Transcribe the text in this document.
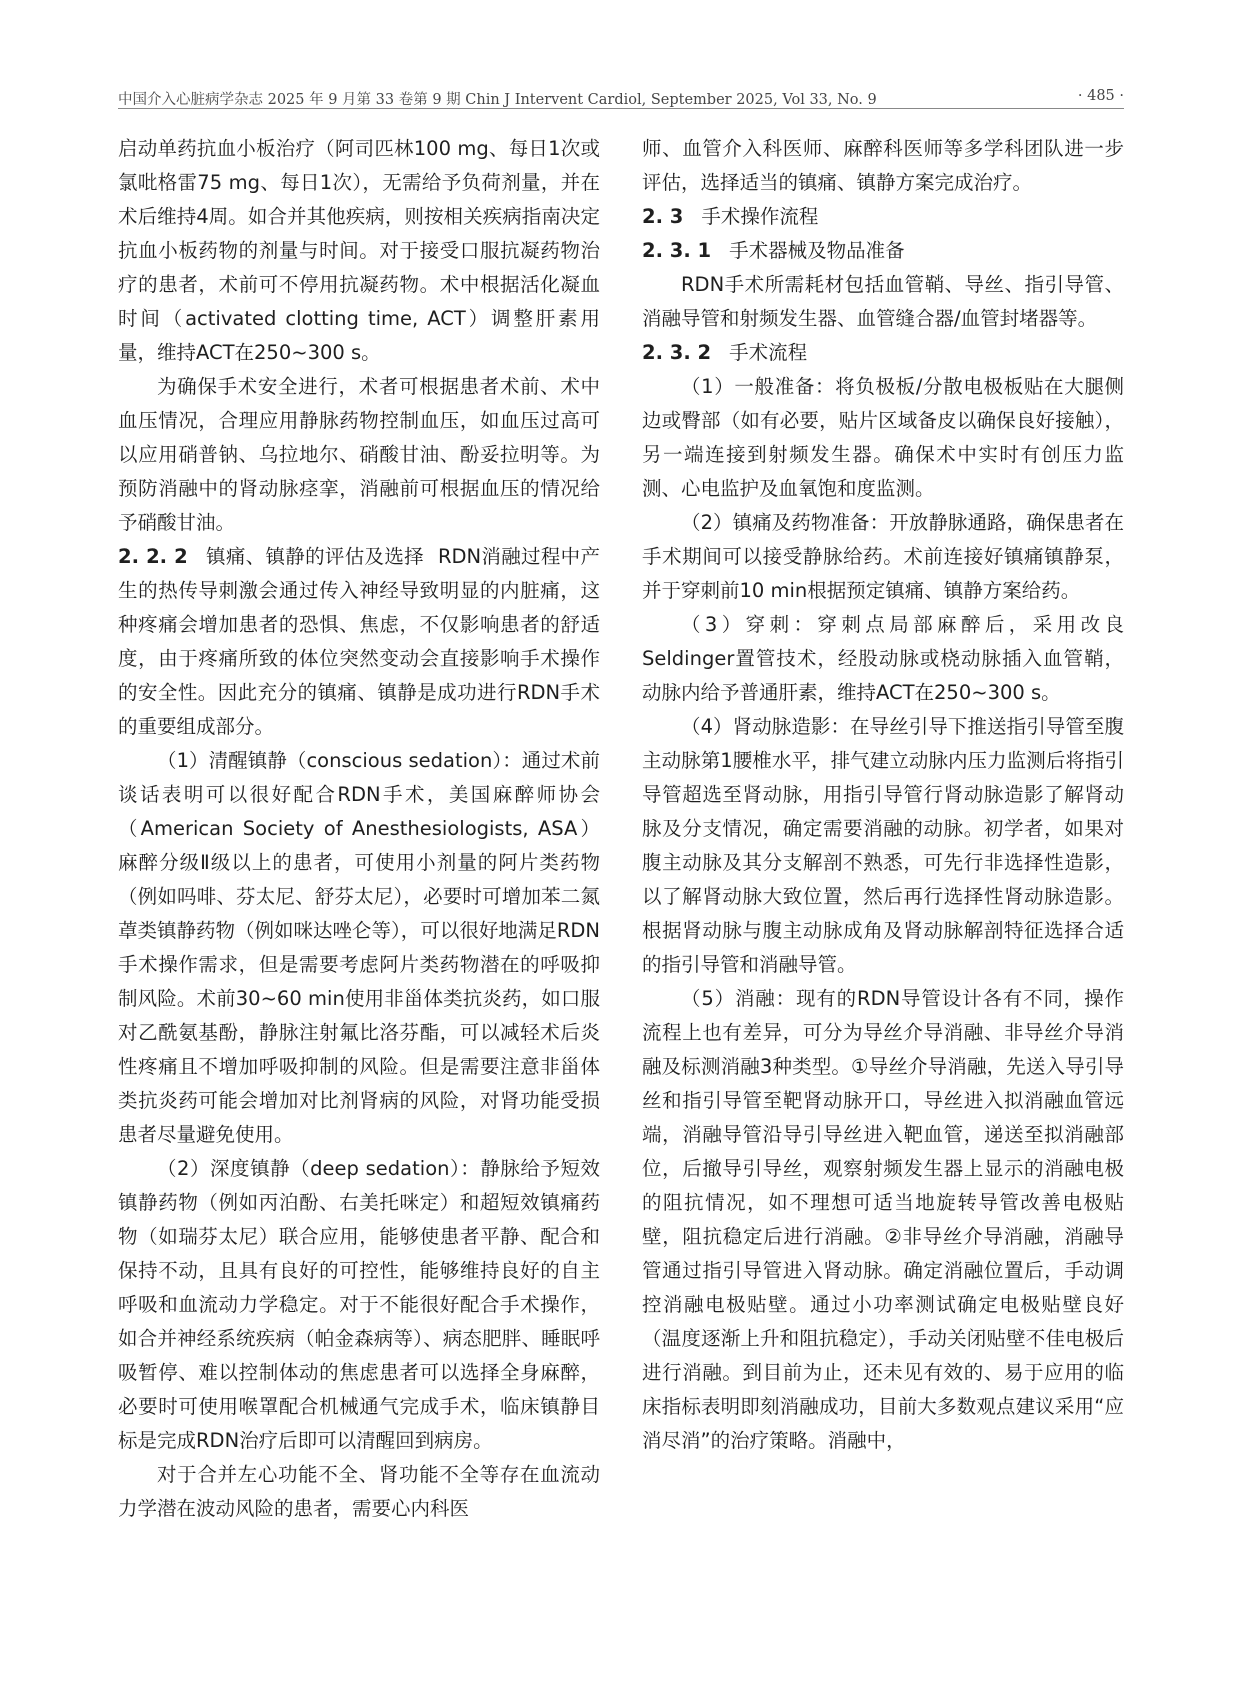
中国介入心脏病学杂志 2025 年 9 月第 33 卷第 9 期 Chin J Intervent Cardiol, September 2025, Vol 33, No. 9	· 485 ·

启动单药抗血小板治疗（阿司匹林100 mg、每日1次或氯吡格雷75 mg、每日1次），无需给予负荷剂量，并在术后维持4周。如合并其他疾病，则按相关疾病指南决定抗血小板药物的剂量与时间。对于接受口服抗凝药物治疗的患者，术前可不停用抗凝药物。术中根据活化凝血时间（activated clotting time, ACT）调整肝素用量，维持ACT在250~300 s。

为确保手术安全进行，术者可根据患者术前、术中血压情况，合理应用静脉药物控制血压，如血压过高可以应用硝普钠、乌拉地尔、硝酸甘油、酚妥拉明等。为预防消融中的肾动脉痉挛，消融前可根据血压的情况给予硝酸甘油。

2. 2. 2 镇痛、镇静的评估及选择 RDN消融过程中产生的热传导刺激会通过传入神经导致明显的内脏痛，这种疼痛会增加患者的恐惧、焦虑，不仅影响患者的舒适度，由于疼痛所致的体位突然变动会直接影响手术操作的安全性。因此充分的镇痛、镇静是成功进行RDN手术的重要组成部分。

（1）清醒镇静（conscious sedation）：通过术前谈话表明可以很好配合RDN手术，美国麻醉师协会（American Society of Anesthesiologists, ASA）麻醉分级Ⅱ级以上的患者，可使用小剂量的阿片类药物（例如吗啡、芬太尼、舒芬太尼），必要时可增加苯二氮䓬类镇静药物（例如咪达唑仑等），可以很好地满足RDN手术操作需求，但是需要考虑阿片类药物潜在的呼吸抑制风险。术前30~60 min使用非甾体类抗炎药，如口服对乙酰氨基酚，静脉注射氟比洛芬酯，可以减轻术后炎性疼痛且不增加呼吸抑制的风险。但是需要注意非甾体类抗炎药可能会增加对比剂肾病的风险，对肾功能受损患者尽量避免使用。

（2）深度镇静（deep sedation）：静脉给予短效镇静药物（例如丙泊酚、右美托咪定）和超短效镇痛药物（如瑞芬太尼）联合应用，能够使患者平静、配合和保持不动，且具有良好的可控性，能够维持良好的自主呼吸和血流动力学稳定。对于不能很好配合手术操作，如合并神经系统疾病（帕金森病等）、病态肥胖、睡眠呼吸暂停、难以控制体动的焦虑患者可以选择全身麻醉，必要时可使用喉罩配合机械通气完成手术，临床镇静目标是完成RDN治疗后即可以清醒回到病房。

对于合并左心功能不全、肾功能不全等存在血流动力学潜在波动风险的患者，需要心内科医

师、血管介入科医师、麻醉科医师等多学科团队进一步评估，选择适当的镇痛、镇静方案完成治疗。

2. 3 手术操作流程
2. 3. 1 手术器械及物品准备

RDN手术所需耗材包括血管鞘、导丝、指引导管、消融导管和射频发生器、血管缝合器/血管封堵器等。

2. 3. 2 手术流程

（1）一般准备：将负极板/分散电极板贴在大腿侧边或臀部（如有必要，贴片区域备皮以确保良好接触），另一端连接到射频发生器。确保术中实时有创压力监测、心电监护及血氧饱和度监测。

（2）镇痛及药物准备：开放静脉通路，确保患者在手术期间可以接受静脉给药。术前连接好镇痛镇静泵，并于穿刺前10 min根据预定镇痛、镇静方案给药。

（3）穿刺：穿刺点局部麻醉后，采用改良Seldinger置管技术，经股动脉或桡动脉插入血管鞘，动脉内给予普通肝素，维持ACT在250~300 s。

（4）肾动脉造影：在导丝引导下推送指引导管至腹主动脉第1腰椎水平，排气建立动脉内压力监测后将指引导管超选至肾动脉，用指引导管行肾动脉造影了解肾动脉及分支情况，确定需要消融的动脉。初学者，如果对腹主动脉及其分支解剖不熟悉，可先行非选择性造影，以了解肾动脉大致位置，然后再行选择性肾动脉造影。根据肾动脉与腹主动脉成角及肾动脉解剖特征选择合适的指引导管和消融导管。

（5）消融：现有的RDN导管设计各有不同，操作流程上也有差异，可分为导丝介导消融、非导丝介导消融及标测消融3种类型。①导丝介导消融，先送入导引导丝和指引导管至靶肾动脉开口，导丝进入拟消融血管远端，消融导管沿导引导丝进入靶血管，递送至拟消融部位，后撤导引导丝，观察射频发生器上显示的消融电极的阻抗情况，如不理想可适当地旋转导管改善电极贴壁，阻抗稳定后进行消融。②非导丝介导消融，消融导管通过指引导管进入肾动脉。确定消融位置后，手动调控消融电极贴壁。通过小功率测试确定电极贴壁良好（温度逐渐上升和阻抗稳定），手动关闭贴壁不佳电极后进行消融。到目前为止，还未见有效的、易于应用的临床指标表明即刻消融成功，目前大多数观点建议采用“应消尽消”的治疗策略。消融中，
